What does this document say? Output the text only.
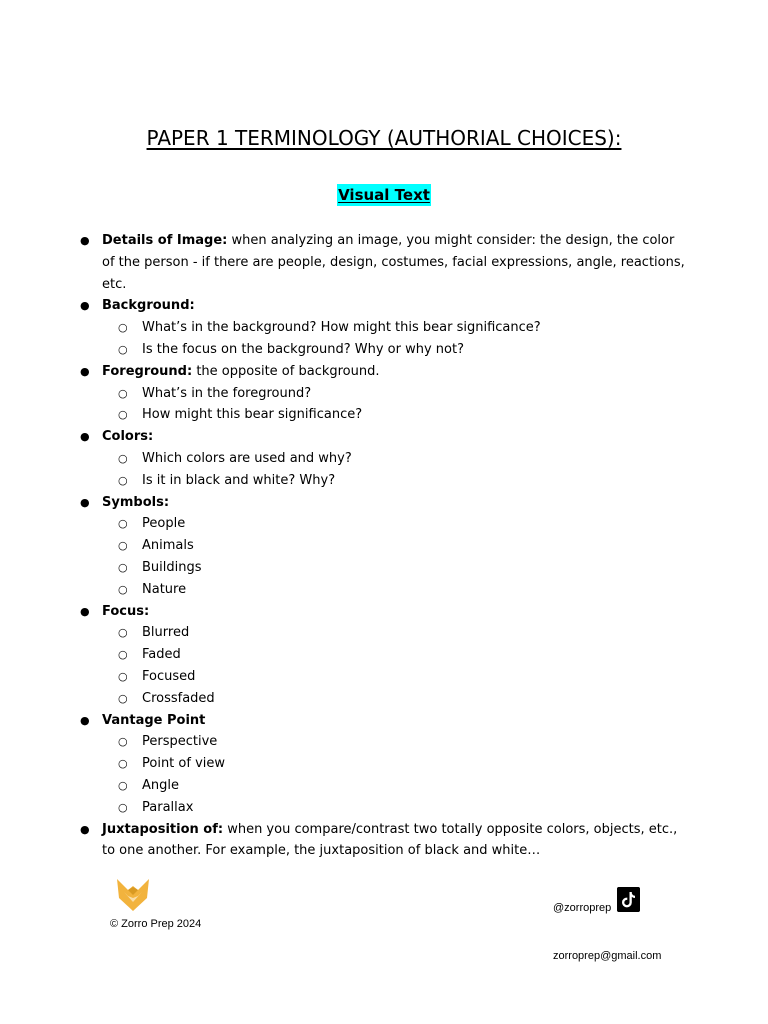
PAPER 1 TERMINOLOGY (AUTHORIAL CHOICES):
Visual Text
● Details of Image: when analyzing an image, you might consider: the design, the color of the person - if there are people, design, costumes, facial expressions, angle, reactions, etc.
● Background:
○ What’s in the background? How might this bear significance?
○ Is the focus on the background? Why or why not?
● Foreground: the opposite of background.
○ What’s in the foreground?
○ How might this bear significance?
● Colors:
○ Which colors are used and why?
○ Is it in black and white? Why?
● Symbols:
○ People
○ Animals
○ Buildings
○ Nature
● Focus:
○ Blurred
○ Faded
○ Focused
○ Crossfaded
● Vantage Point
○ Perspective
○ Point of view
○ Angle
○ Parallax
● Juxtaposition of: when you compare/contrast two totally opposite colors, objects, etc., to one another. For example, the juxtaposition of black and white…
© Zorro Prep 2024
@zorroprep
zorroprep@gmail.com
